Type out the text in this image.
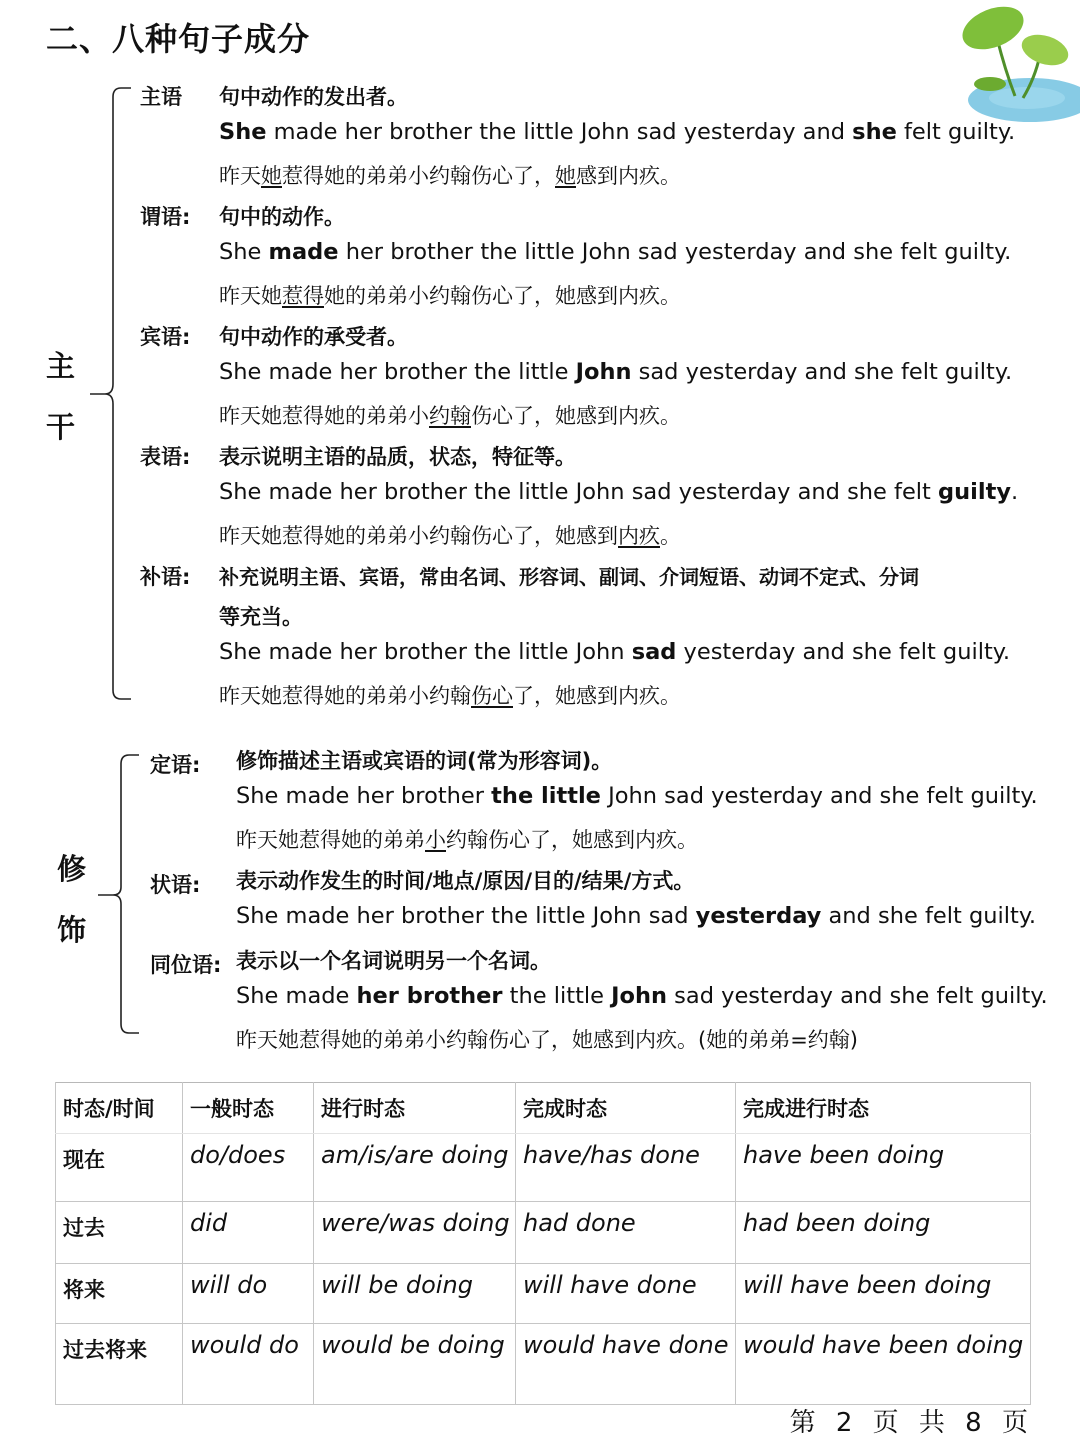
二、八种句子成分
主
干
修
饰
主语 句中动作的发出者。
She made her brother the little John sad yesterday and she felt guilty.
昨天她惹得她的弟弟小约翰伤心了，她感到内疚。
谓语: 句中的动作。
She made her brother the little John sad yesterday and she felt guilty.
昨天她惹得她的弟弟小约翰伤心了，她感到内疚。
宾语: 句中动作的承受者。
She made her brother the little John sad yesterday and she felt guilty.
昨天她惹得她的弟弟小约翰伤心了，她感到内疚。
表语: 表示说明主语的品质，状态，特征等。
She made her brother the little John sad yesterday and she felt guilty.
昨天她惹得她的弟弟小约翰伤心了，她感到内疚。
补语: 补充说明主语、宾语，常由名词、形容词、副词、介词短语、动词不定式、分词
等充当。
She made her brother the little John sad yesterday and she felt guilty.
昨天她惹得她的弟弟小约翰伤心了，她感到内疚。
定语: 修饰描述主语或宾语的词(常为形容词)。
She made her brother the little John sad yesterday and she felt guilty.
昨天她惹得她的弟弟小约翰伤心了，她感到内疚。
状语: 表示动作发生的时间/地点/原因/目的/结果/方式。
She made her brother the little John sad yesterday and she felt guilty.
同位语: 表示以一个名词说明另一个名词。
She made her brother the little John sad yesterday and she felt guilty.
昨天她惹得她的弟弟小约翰伤心了，她感到内疚。(她的弟弟=约翰)
时态/时间	一般时态	进行时态	完成时态	完成进行时态
现在	do/does	am/is/are doing	have/has done	have been doing
过去	did	were/was doing	had done	had been doing
将来	will do	will be doing	will have done	will have been doing
过去将来	would do	would be doing	would have done	would have been doing
第 2 页 共 8 页
